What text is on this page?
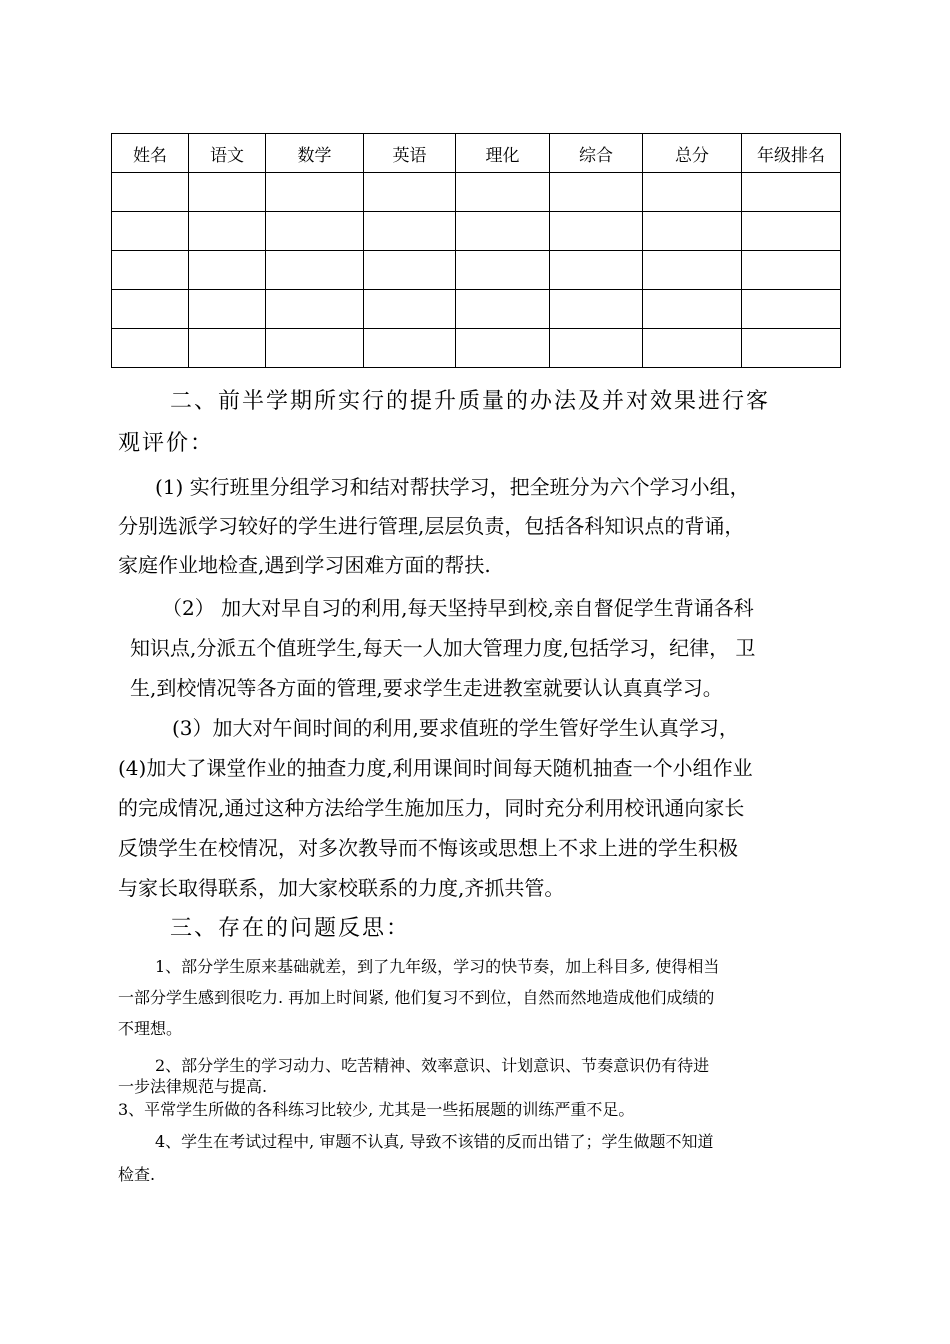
姓名	语文	数学	英语	理化	综合	总分	年级排名

二、前半学期所实行的提升质量的办法及并对效果进行客

观评价：

(1) 实行班里分组学习和结对帮扶学习，把全班分为六个学习小组，

分别选派学习较好的学生进行管理,层层负责，包括各科知识点的背诵，

家庭作业地检查,遇到学习困难方面的帮扶.

（2） 加大对早自习的利用,每天坚持早到校,亲自督促学生背诵各科

知识点,分派五个值班学生,每天一人加大管理力度,包括学习，纪律， 卫

生,到校情况等各方面的管理,要求学生走进教室就要认认真真学习。

(3）加大对午间时间的利用,要求值班的学生管好学生认真学习，

(4)加大了课堂作业的抽查力度,利用课间时间每天随机抽查一个小组作业

的完成情况,通过这种方法给学生施加压力，同时充分利用校讯通向家长

反馈学生在校情况，对多次教导而不悔该或思想上不求上进的学生积极

与家长取得联系，加大家校联系的力度,齐抓共管。

三、存在的问题反思：

1、部分学生原来基础就差，到了九年级，学习的快节奏，加上科目多, 使得相当

一部分学生感到很吃力. 再加上时间紧, 他们复习不到位，自然而然地造成他们成绩的

不理想。

2、部分学生的学习动力、吃苦精神、效率意识、计划意识、节奏意识仍有待进

一步法律规范与提高.

3、平常学生所做的各科练习比较少, 尤其是一些拓展题的训练严重不足。

4、学生在考试过程中, 审题不认真, 导致不该错的反而出错了；学生做题不知道

检查.
